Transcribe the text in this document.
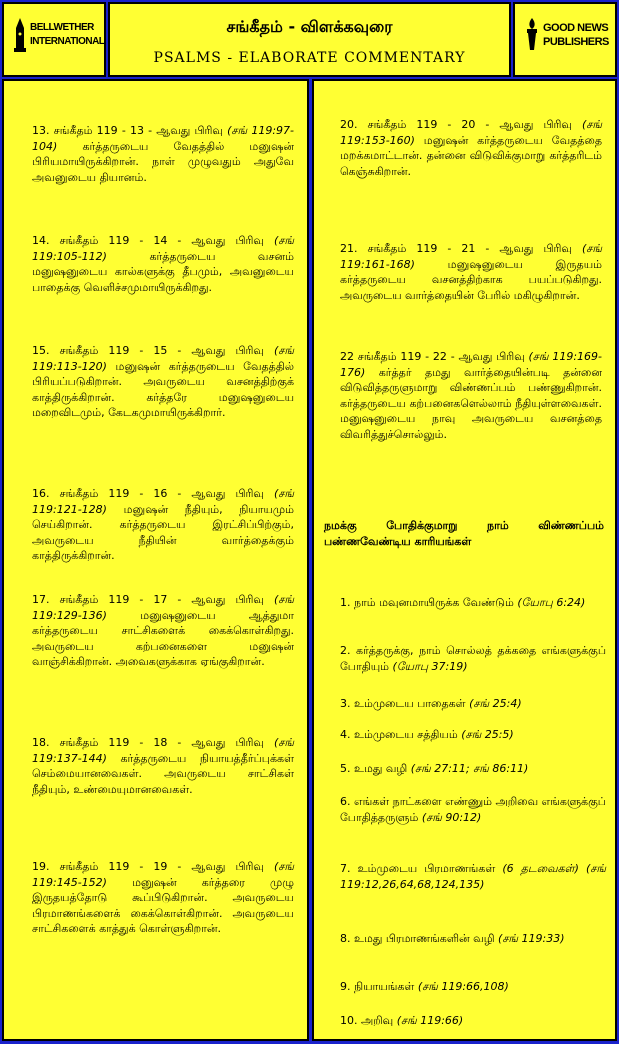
BELLWETHER
INTERNATIONAL
சங்கீதம் - விளக்கவுரை
PSALMS - ELABORATE COMMENTARY
GOOD NEWS
PUBLISHERS
13. சங்கீதம் 119 - 13 - ஆவது பிரிவு (சங் 119:97-104) கர்த்தருடைய வேதத்தில் மனுஷன் பிரியமாயிருக்கிறான். நாள் முழுவதும் அதுவே அவனுடைய தியானம்.
14. சங்கீதம் 119 - 14 - ஆவது பிரிவு (சங் 119:105-112)	கர்த்தருடைய வசனம் மனுஷனுடைய கால்களுக்கு தீபமும், அவனுடைய பாதைக்கு வெளிச்சமுமாயிருக்கிறது.
15. சங்கீதம் 119 - 15 - ஆவது பிரிவு (சங் 119:113-120) மனுஷன் கர்த்தருடைய வேதத்தில் பிரியப்படுகிறான். அவருடைய வசனத்திற்குக் காத்திருக்கிறான். கர்த்தரே மனுஷனுடைய மறைவிடமும், கேடகமுமாயிருக்கிறார்.
16. சங்கீதம் 119 - 16 - ஆவது பிரிவு (சங் 119:121-128) மனுஷன் நீதியும், நியாயமும் செய்கிறான். கர்த்தருடைய இரட்சிப்பிற்கும், அவருடைய நீதியின் வார்த்தைக்கும் காத்திருக்கிறான்.
17. சங்கீதம் 119 - 17 - ஆவது பிரிவு (சங் 119:129-136)	மனுஷனுடைய ஆத்துமா கர்த்தருடைய சாட்சிகளைக் கைக்கொள்கிறது. அவருடைய கற்பனைகளை மனுஷன் வாஞ்சிக்கிறான். அவைகளுக்காக ஏங்குகிறான்.
18. சங்கீதம் 119 - 18 - ஆவது பிரிவு (சங் 119:137-144) கர்த்தருடைய நியாயத்தீர்ப்புக்கள் செம்மையானவைகள். அவருடைய சாட்சிகள் நீதியும், உண்மையுமானவைகள்.
19. சங்கீதம் 119 - 19 - ஆவது பிரிவு (சங் 119:145-152) மனுஷன் கர்த்தரை முழு இருதயத்தோடு கூப்பிடுகிறான். அவருடைய பிரமாணங்களைக் கைக்கொள்கிறான். அவருடைய சாட்சிகளைக் காத்துக் கொள்ளுகிறான்.
20. சங்கீதம் 119 - 20 - ஆவது பிரிவு (சங் 119:153-160) மனுஷன் கர்த்தருடைய வேதத்தை மறக்கமாட்டான். தன்னை விடுவிக்குமாறு கர்த்தரிடம் கெஞ்சுகிறான்.
21. சங்கீதம் 119 - 21 - ஆவது பிரிவு (சங் 119:161-168)	மனுஷனுடைய இருதயம் கர்த்தருடைய வசனத்திற்காக பயப்படுகிறது. அவருடைய வார்த்தையின் பேரில் மகிழுகிறான்.
22 சங்கீதம் 119 - 22 - ஆவது பிரிவு (சங் 119:169-176) கர்த்தர் தமது வார்த்தையின்படி தன்னை விடுவித்தருளுமாறு விண்ணப்பம் பண்ணுகிறான். கர்த்தருடைய கற்பனைகளெல்லாம் நீதியுள்ளவைகள். மனுஷனுடைய நாவு அவருடைய வசனத்தை விவரித்துச்சொல்லும்.
நமக்கு போதிக்குமாறு நாம் விண்ணப்பம் பண்ணவேண்டிய காரியங்கள்
1. நாம் மவுனமாயிருக்க வேண்டும் (யோபு 6:24)
2. கர்த்தருக்கு, நாம் சொல்லத் தக்கதை எங்களுக்குப் போதியும் (யோபு 37:19)
3. உம்முடைய பாதைகள் (சங் 25:4)
4. உம்முடைய சத்தியம் (சங் 25:5)
5. உமது வழி (சங் 27:11; சங் 86:11)
6. எங்கள் நாட்களை எண்ணும் அறிவை எங்களுக்குப் போதித்தருளும் (சங் 90:12)
7. உம்முடைய பிரமாணங்கள் (6 தடவைகள்) (சங் 119:12,26,64,68,124,135)
8. உமது பிரமாணங்களின் வழி (சங் 119:33)
9. நியாயங்கள் (சங் 119:66,108)
10. அறிவு (சங் 119:66)
